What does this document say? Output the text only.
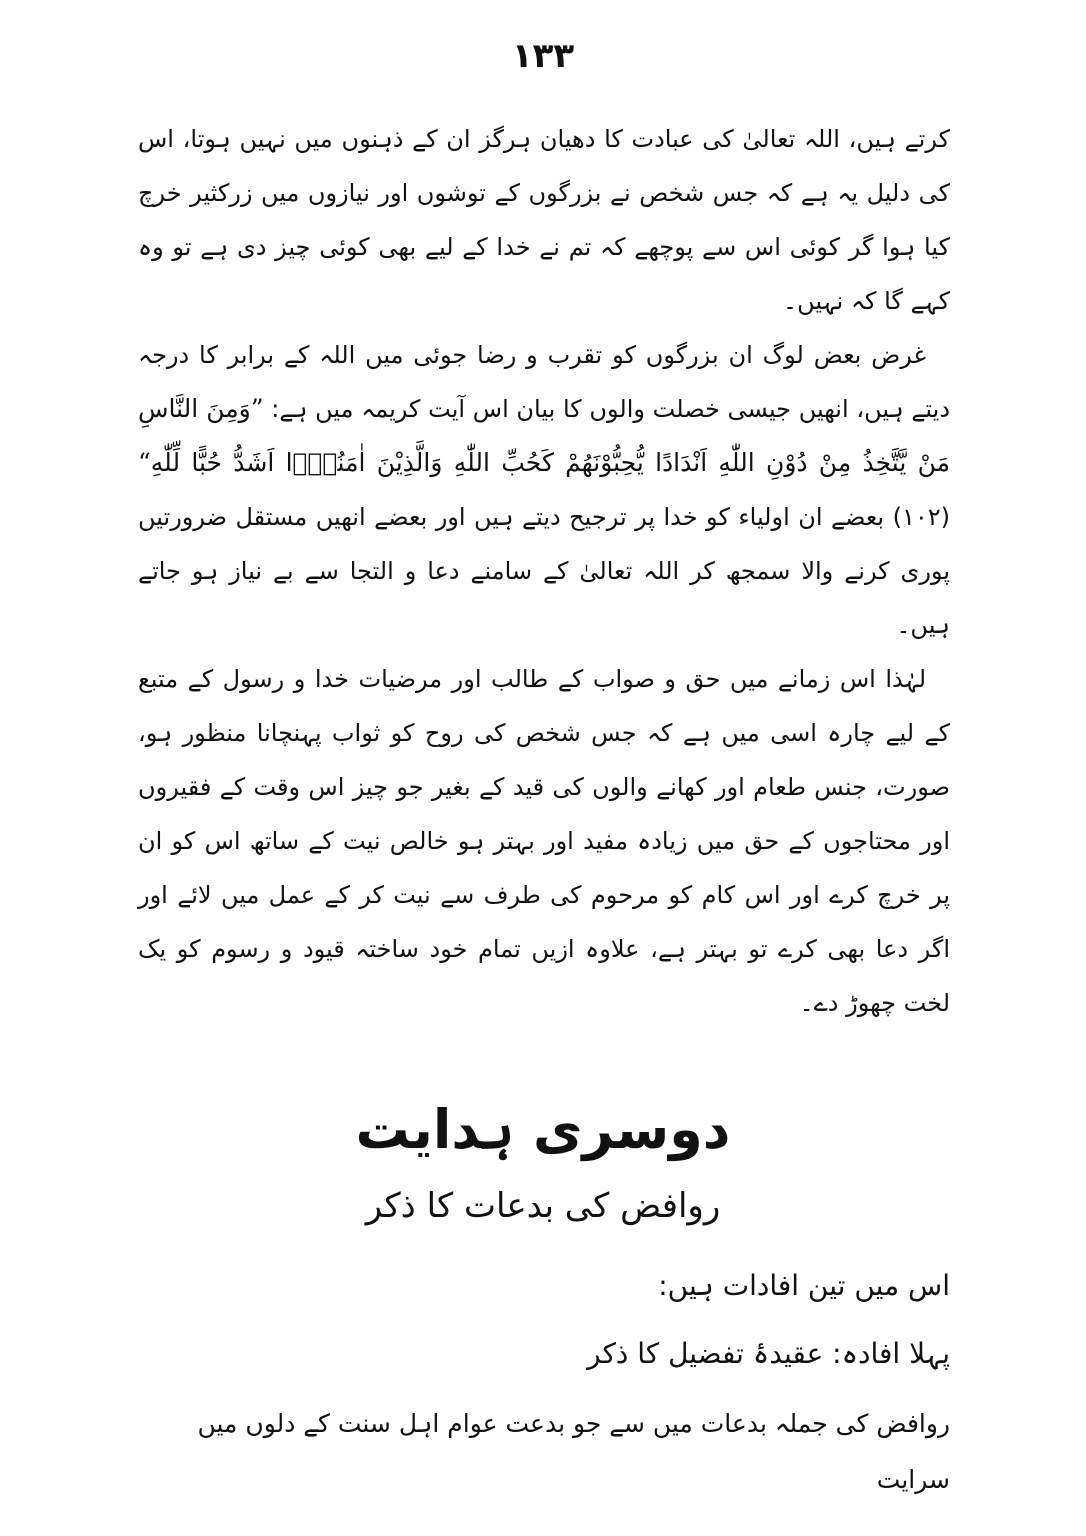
۱۳۳

کرتے ہیں، اللہ تعالیٰ کی عبادت کا دھیان ہرگز ان کے ذہنوں میں نہیں ہوتا، اس کی دلیل یہ ہے کہ جس شخص نے بزرگوں کے توشوں اور نیازوں میں زرکثیر خرچ کیا ہوا گر کوئی اس سے پوچھے کہ تم نے خدا کے لیے بھی کوئی چیز دی ہے تو وہ کہے گا کہ نہیں۔

غرض بعض لوگ ان بزرگوں کو تقرب و رضا جوئی میں اللہ کے برابر کا درجہ دیتے ہیں، انھیں جیسی خصلت والوں کا بیان اس آیت کریمہ میں ہے: ”وَمِنَ النَّاسِ مَنْ یَّتَّخِذُ مِنْ دُوْنِ اللّٰهِ اَنْدَادًا یُّحِبُّوْنَهُمْ كَحُبِّ اللّٰهِ وَالَّذِیْنَ اٰمَنُوْۤا اَشَدُّ حُبًّا لِّلّٰهِ“ (۱۰۲) بعضے ان اولیاء کو خدا پر ترجیح دیتے ہیں اور بعضے انھیں مستقل ضرورتیں پوری کرنے والا سمجھ کر اللہ تعالیٰ کے سامنے دعا و التجا سے بے نیاز ہو جاتے ہیں۔

لہٰذا اس زمانے میں حق و صواب کے طالب اور مرضیات خدا و رسول کے متبع کے لیے چارہ اسی میں ہے کہ جس شخص کی روح کو ثواب پہنچانا منظور ہو، صورت، جنس طعام اور کھانے والوں کی قید کے بغیر جو چیز اس وقت کے فقیروں اور محتاجوں کے حق میں زیادہ مفید اور بہتر ہو خالص نیت کے ساتھ اس کو ان پر خرچ کرے اور اس کام کو مرحوم کی طرف سے نیت کر کے عمل میں لائے اور اگر دعا بھی کرے تو بہتر ہے، علاوہ ازیں تمام خود ساختہ قیود و رسوم کو یک لخت چھوڑ دے۔

دوسری ہدایت
روافض کی بدعات کا ذکر
اس میں تین افادات ہیں:
پہلا افادہ: عقیدۂ تفضیل کا ذکر
روافض کی جملہ بدعات میں سے جو بدعت عوام اہل سنت کے دلوں میں سرایت
